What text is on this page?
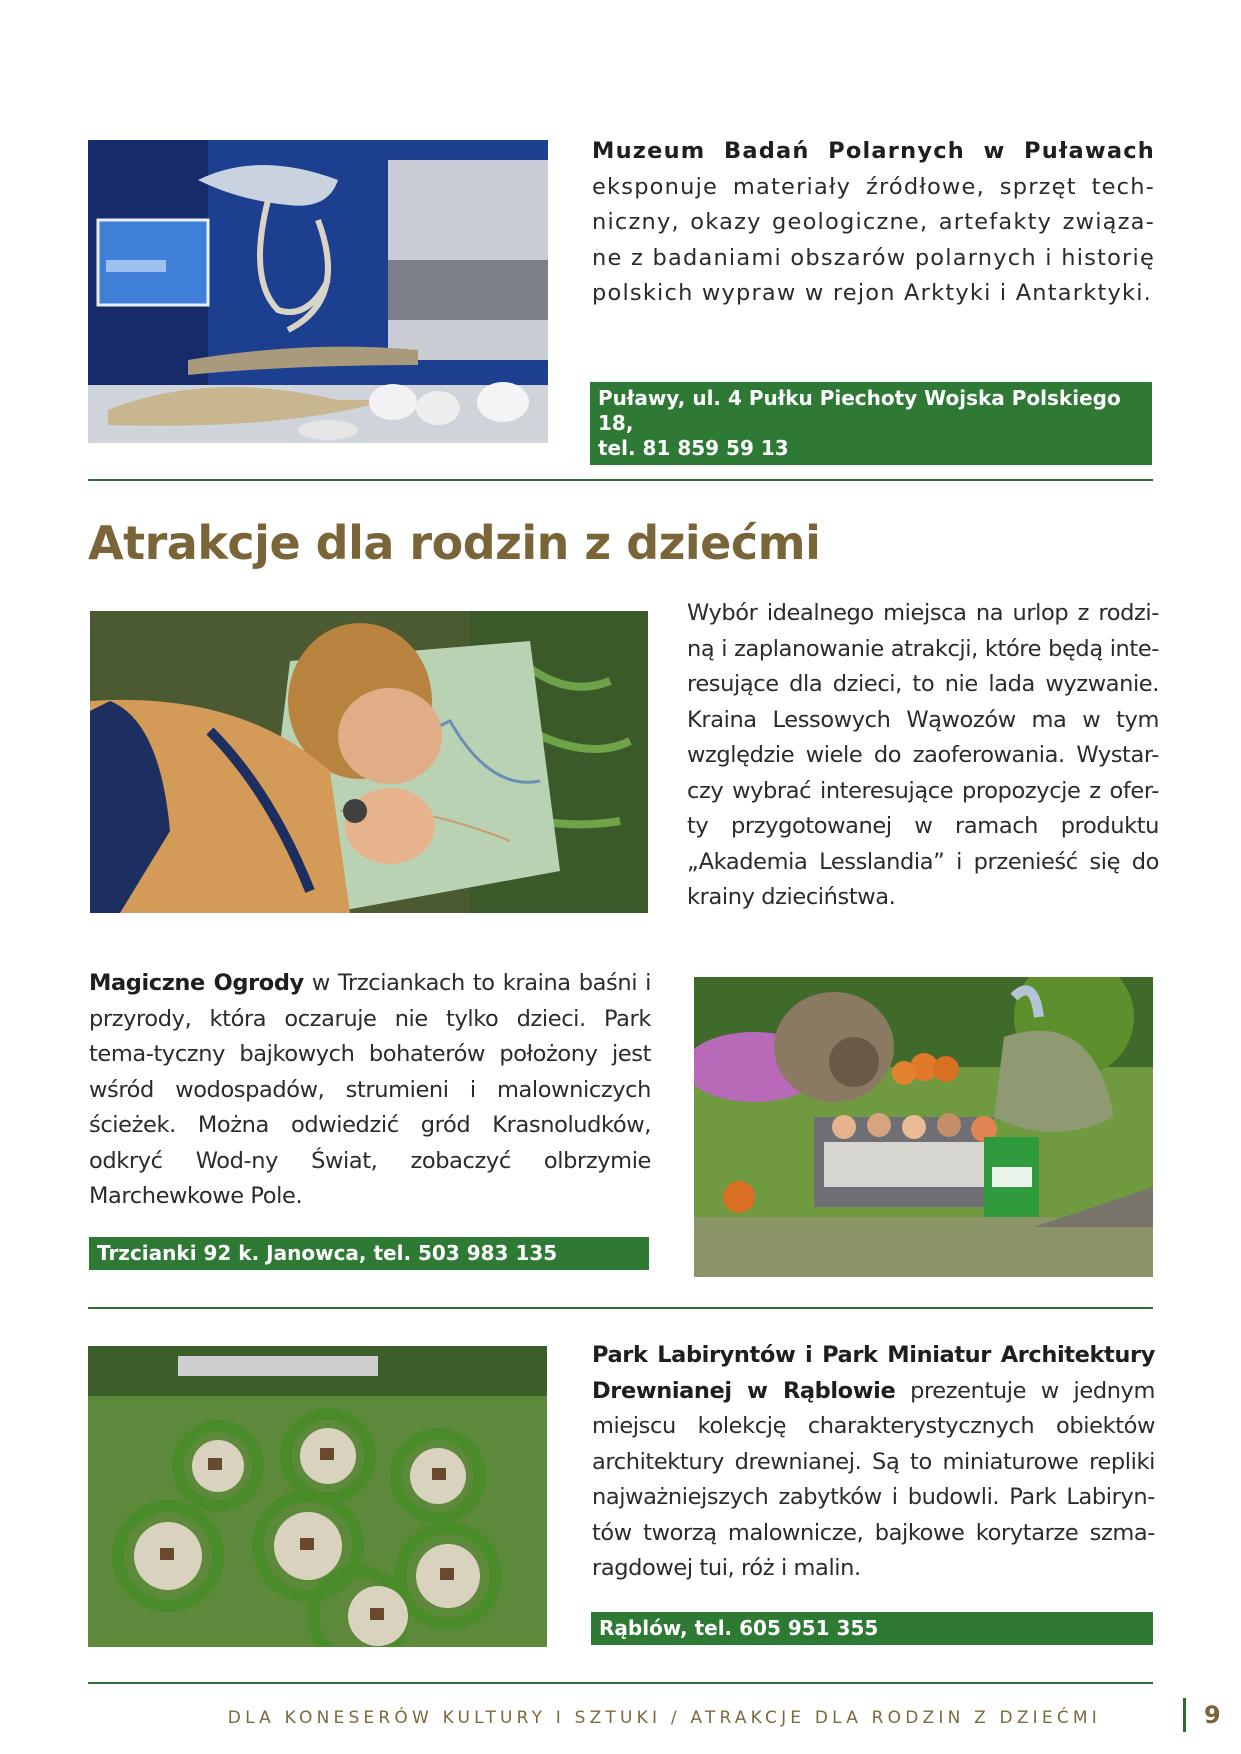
Muzeum Badań Polarnych w Puławach eksponuje materiały źródłowe, sprzęt tech-niczny, okazy geologiczne, artefakty związa-ne z badaniami obszarów polarnych i historię polskich wypraw w rejon Arktyki i Antarktyki.
Puławy, ul. 4 Pułku Piechoty Wojska Polskiego 18,
tel. 81 859 59 13
Atrakcje dla rodzin z dziećmi
Wybór idealnego miejsca na urlop z rodzi-ną i zaplanowanie atrakcji, które będą inte-resujące dla dzieci, to nie lada wyzwanie. Kraina Lessowych Wąwozów ma w tym względzie wiele do zaoferowania. Wystar-czy wybrać interesujące propozycje z ofer-ty przygotowanej w ramach produktu „Akademia Lesslandia” i przenieść się do krainy dzieciństwa.
Magiczne Ogrody w Trzciankach to kraina baśni i przyrody, która oczaruje nie tylko dzieci. Park tema-tyczny bajkowych bohaterów położony jest wśród wodospadów, strumieni i malowniczych ścieżek. Można odwiedzić gród Krasnoludków, odkryć Wod-ny Świat, zobaczyć olbrzymie Marchewkowe Pole.
Trzcianki 92 k. Janowca, tel. 503 983 135
Park Labiryntów i Park Miniatur Architektury Drewnianej w Rąblowie prezentuje w jednym miejscu kolekcję charakterystycznych obiektów architektury drewnianej. Są to miniaturowe repliki najważniejszych zabytków i budowli. Park Labiryn-tów tworzą malownicze, bajkowe korytarze szma-ragdowej tui, róż i malin.
Rąblów, tel. 605 951 355
DLA KONESERÓW KULTURY I SZTUKI / ATRAKCJE DLA RODZIN Z DZIEĆMI	9
